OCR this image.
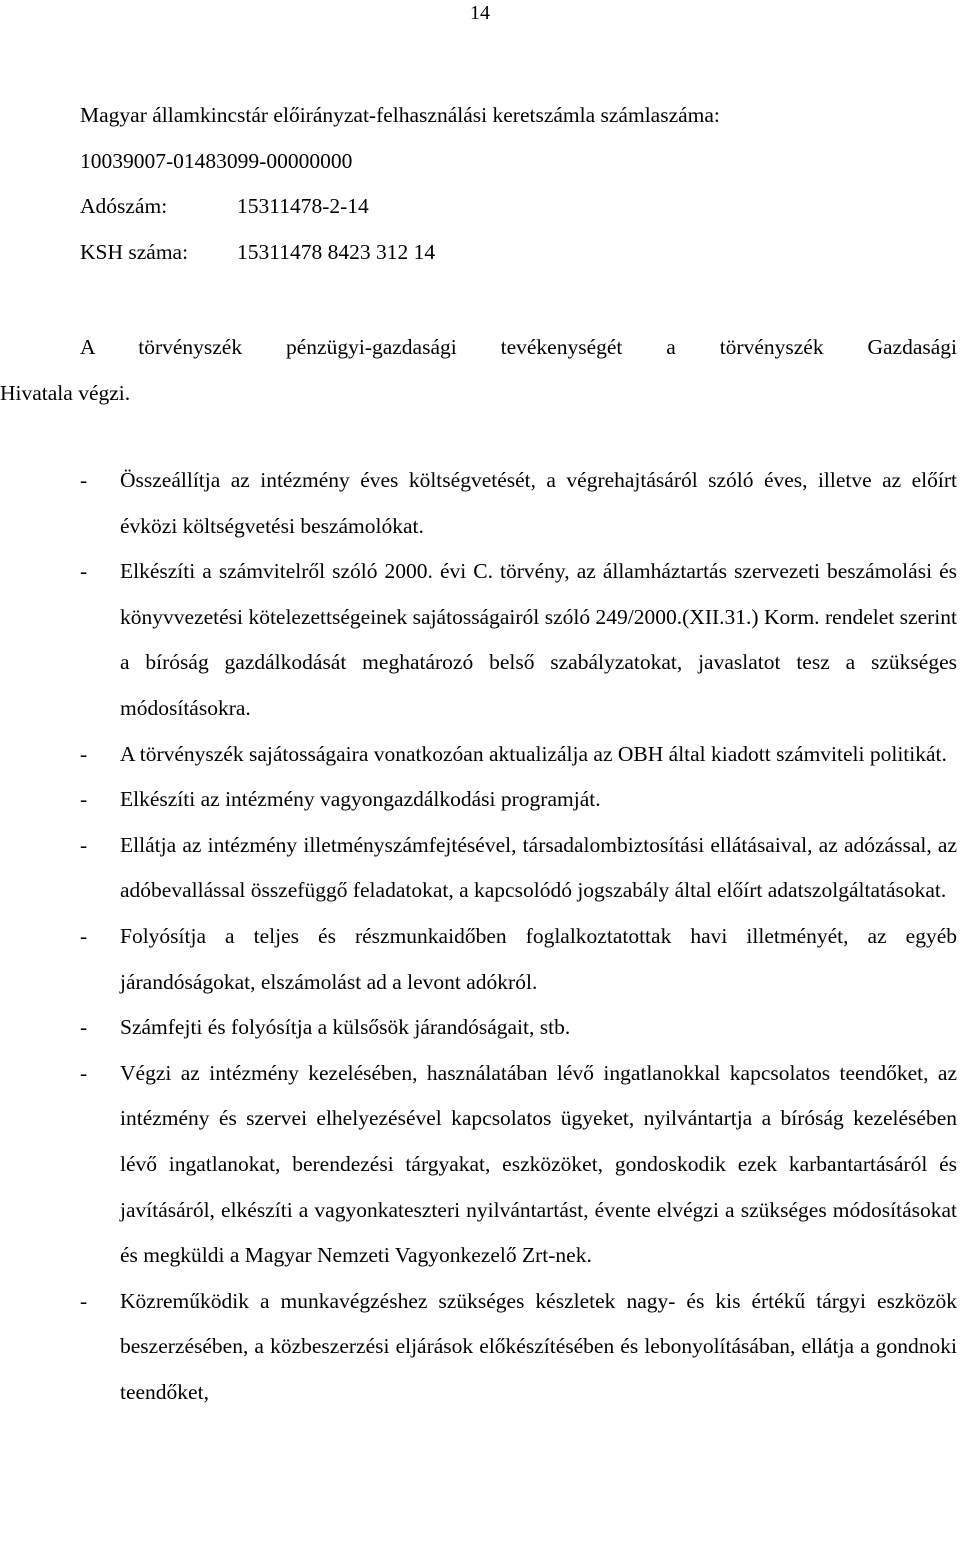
14
Magyar államkincstár előirányzat-felhasználási keretszámla számlaszáma:
10039007-01483099-00000000
Adószám:	15311478-2-14
KSH száma: 15311478 8423 312 14
A törvényszék pénzügyi-gazdasági tevékenységét a törvényszék Gazdasági
Hivatala végzi.
- Összeállítja az intézmény éves költségvetését, a végrehajtásáról szóló éves, illetve az előírt évközi költségvetési beszámolókat.
- Elkészíti a számvitelről szóló 2000. évi C. törvény, az államháztartás szervezeti beszámolási és könyvvezetési kötelezettségeinek sajátosságairól szóló 249/2000.(XII.31.) Korm. rendelet szerint a bíróság gazdálkodását meghatározó belső szabályzatokat, javaslatot tesz a szükséges módosításokra.
- A törvényszék sajátosságaira vonatkozóan aktualizálja az OBH által kiadott számviteli politikát.
- Elkészíti az intézmény vagyongazdálkodási programját.
- Ellátja az intézmény illetményszámfejtésével, társadalombiztosítási ellátásaival, az adózással, az adóbevallással összefüggő feladatokat, a kapcsolódó jogszabály által előírt adatszolgáltatásokat.
- Folyósítja a teljes és részmunkaidőben foglalkoztatottak havi illetményét, az egyéb járandóságokat, elszámolást ad a levont adókról.
- Számfejti és folyósítja a külsősök járandóságait, stb.
- Végzi az intézmény kezelésében, használatában lévő ingatlanokkal kapcsolatos teendőket, az intézmény és szervei elhelyezésével kapcsolatos ügyeket, nyilvántartja a bíróság kezelésében lévő ingatlanokat, berendezési tárgyakat, eszközöket, gondoskodik ezek karbantartásáról és javításáról, elkészíti a vagyonkateszteri nyilvántartást, évente elvégzi a szükséges módosításokat és megküldi a Magyar Nemzeti Vagyonkezelő Zrt-nek.
- Közreműködik a munkavégzéshez szükséges készletek nagy- és kis értékű tárgyi eszközök beszerzésében, a közbeszerzési eljárások előkészítésében és lebonyolításában, ellátja a gondnoki teendőket,
